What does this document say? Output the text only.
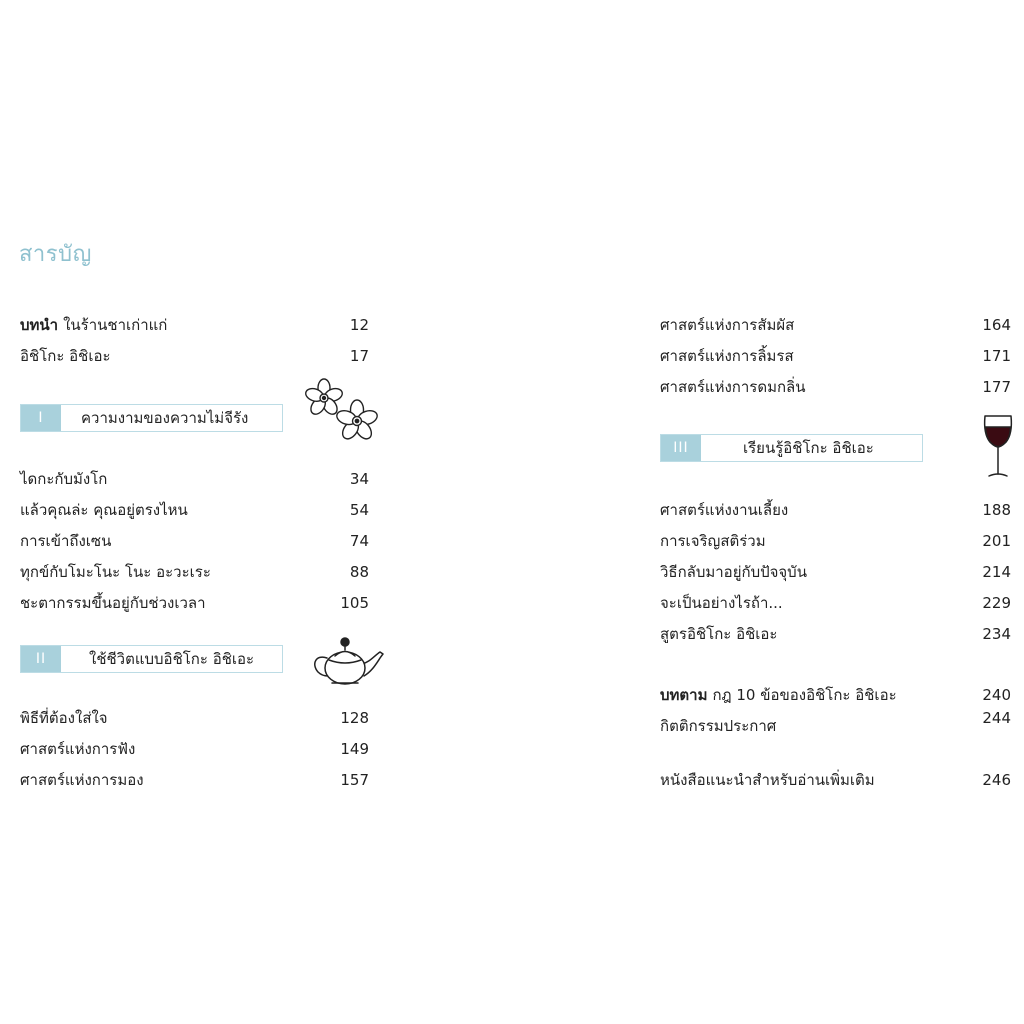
สารบัญ
บทนำ ในร้านชาเก่าแก่	12
อิชิโกะ อิชิเอะ	17
I	ความงามของความไม่จีรัง
ไดกะกับมังโก	34
แล้วคุณล่ะ คุณอยู่ตรงไหน	54
การเข้าถึงเซน	74
ทุกข์กับโมะโนะ โนะ อะวะเระ	88
ชะตากรรมขึ้นอยู่กับช่วงเวลา	105
II	ใช้ชีวิตแบบอิชิโกะ อิชิเอะ
พิธีที่ต้องใส่ใจ	128
ศาสตร์แห่งการฟัง	149
ศาสตร์แห่งการมอง	157
ศาสตร์แห่งการสัมผัส	164
ศาสตร์แห่งการลิ้มรส	171
ศาสตร์แห่งการดมกลิ่น	177
III	เรียนรู้อิชิโกะ อิชิเอะ
ศาสตร์แห่งงานเลี้ยง	188
การเจริญสติร่วม	201
วิธีกลับมาอยู่กับปัจจุบัน	214
จะเป็นอย่างไรถ้า...	229
สูตรอิชิโกะ อิชิเอะ	234
บทตาม กฎ 10 ข้อของอิชิโกะ อิชิเอะ	240
กิตติกรรมประกาศ	244
หนังสือแนะนำสำหรับอ่านเพิ่มเติม	246
